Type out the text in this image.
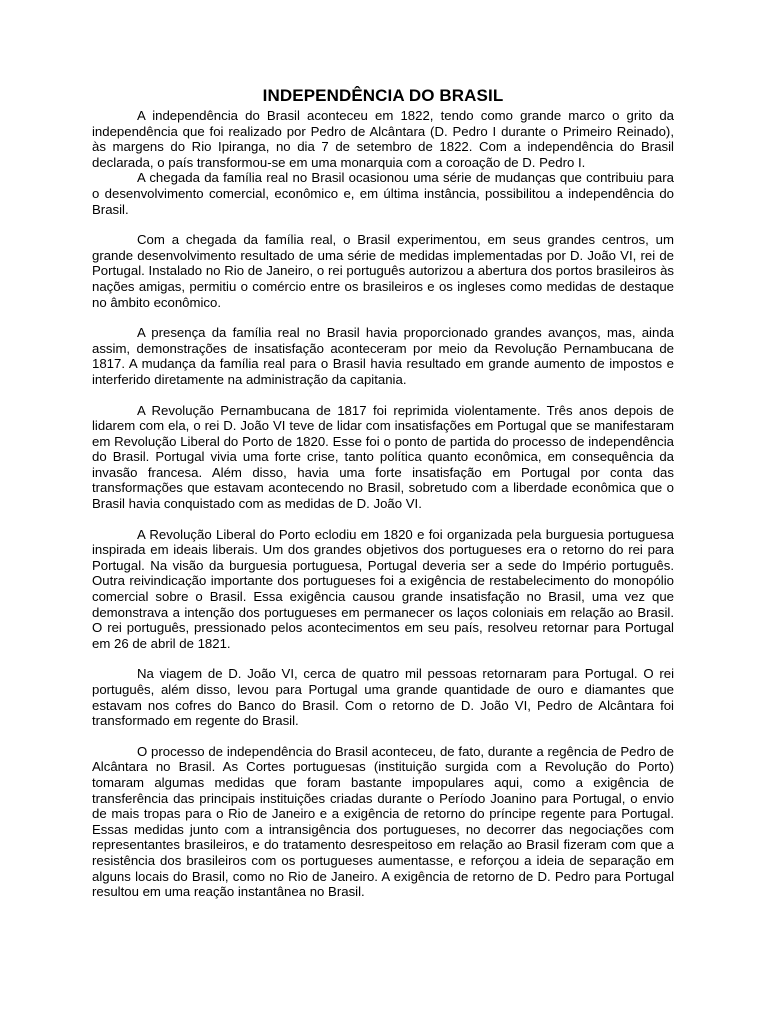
INDEPENDÊNCIA DO BRASIL

A independência do Brasil aconteceu em 1822, tendo como grande marco o grito da independência que foi realizado por Pedro de Alcântara (D. Pedro I durante o Primeiro Reinado), às margens do Rio Ipiranga, no dia 7 de setembro de 1822. Com a independência do Brasil declarada, o país transformou-se em uma monarquia com a coroação de D. Pedro I.

A chegada da família real no Brasil ocasionou uma série de mudanças que contribuiu para o desenvolvimento comercial, econômico e, em última instância, possibilitou a independência do Brasil.

Com a chegada da família real, o Brasil experimentou, em seus grandes centros, um grande desenvolvimento resultado de uma série de medidas implementadas por D. João VI, rei de Portugal. Instalado no Rio de Janeiro, o rei português autorizou a abertura dos portos brasileiros às nações amigas, permitiu o comércio entre os brasileiros e os ingleses como medidas de destaque no âmbito econômico.

A presença da família real no Brasil havia proporcionado grandes avanços, mas, ainda assim, demonstrações de insatisfação aconteceram por meio da Revolução Pernambucana de 1817. A mudança da família real para o Brasil havia resultado em grande aumento de impostos e interferido diretamente na administração da capitania.

A Revolução Pernambucana de 1817 foi reprimida violentamente. Três anos depois de lidarem com ela, o rei D. João VI teve de lidar com insatisfações em Portugal que se manifestaram em Revolução Liberal do Porto de 1820. Esse foi o ponto de partida do processo de independência do Brasil. Portugal vivia uma forte crise, tanto política quanto econômica, em consequência da invasão francesa. Além disso, havia uma forte insatisfação em Portugal por conta das transformações que estavam acontecendo no Brasil, sobretudo com a liberdade econômica que o Brasil havia conquistado com as medidas de D. João VI.

A Revolução Liberal do Porto eclodiu em 1820 e foi organizada pela burguesia portuguesa inspirada em ideais liberais. Um dos grandes objetivos dos portugueses era o retorno do rei para Portugal. Na visão da burguesia portuguesa, Portugal deveria ser a sede do Império português. Outra reivindicação importante dos portugueses foi a exigência de restabelecimento do monopólio comercial sobre o Brasil. Essa exigência causou grande insatisfação no Brasil, uma vez que demonstrava a intenção dos portugueses em permanecer os laços coloniais em relação ao Brasil. O rei português, pressionado pelos acontecimentos em seu país, resolveu retornar para Portugal em 26 de abril de 1821.

Na viagem de D. João VI, cerca de quatro mil pessoas retornaram para Portugal. O rei português, além disso, levou para Portugal uma grande quantidade de ouro e diamantes que estavam nos cofres do Banco do Brasil. Com o retorno de D. João VI, Pedro de Alcântara foi transformado em regente do Brasil.

O processo de independência do Brasil aconteceu, de fato, durante a regência de Pedro de Alcântara no Brasil. As Cortes portuguesas (instituição surgida com a Revolução do Porto) tomaram algumas medidas que foram bastante impopulares aqui, como a exigência de transferência das principais instituições criadas durante o Período Joanino para Portugal, o envio de mais tropas para o Rio de Janeiro e a exigência de retorno do príncipe regente para Portugal. Essas medidas junto com a intransigência dos portugueses, no decorrer das negociações com representantes brasileiros, e do tratamento desrespeitoso em relação ao Brasil fizeram com que a resistência dos brasileiros com os portugueses aumentasse, e reforçou a ideia de separação em alguns locais do Brasil, como no Rio de Janeiro. A exigência de retorno de D. Pedro para Portugal resultou em uma reação instantânea no Brasil.
